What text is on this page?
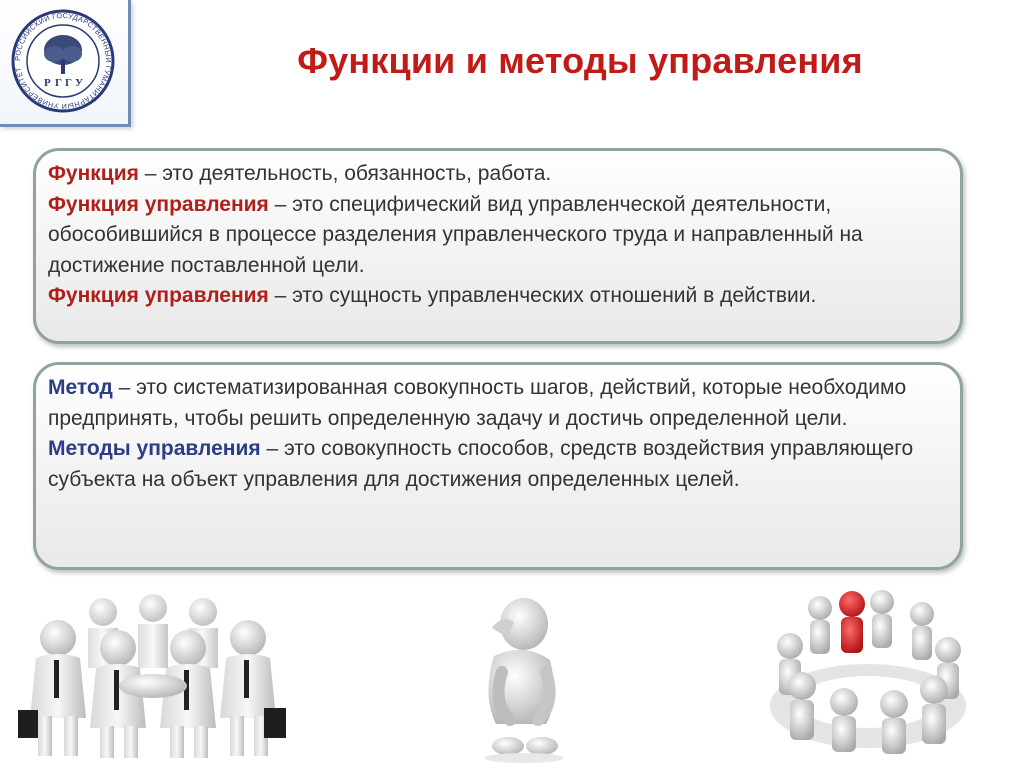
РОССИЙСКИЙ ГОСУДАРСТВЕННЫЙ ГУМАНИТАРНЫЙ УНИВЕРСИТЕТ
Р Г Г У
Функции и методы управления

Функция – это деятельность, обязанность, работа.

Функция управления – это специфический вид управленческой деятельности, обособившийся в процессе разделения управленческого труда и направленный на достижение поставленной цели.

Функция управления – это сущность управленческих отношений в действии.

Метод – это систематизированная совокупность шагов, действий, которые необходимо предпринять, чтобы решить определенную задачу и достичь определенной цели.

Методы управления – это совокупность способов, средств воздействия управляющего субъекта на объект управления для достижения определенных целей.
